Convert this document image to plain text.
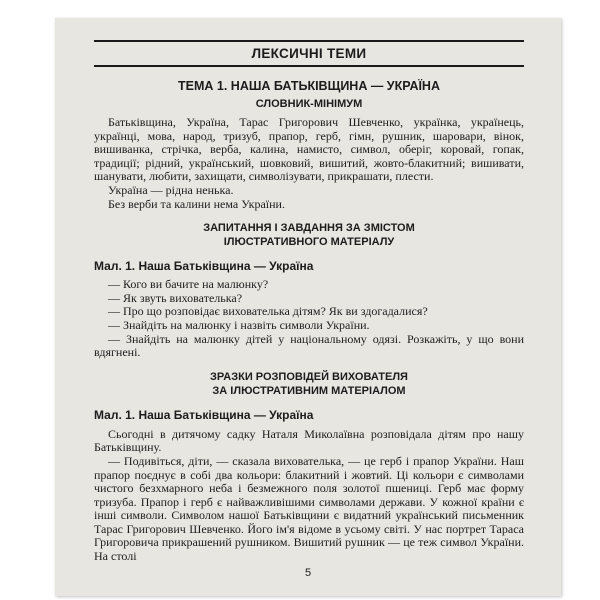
ЛЕКСИЧНІ ТЕМИ
ТЕМА 1. НАША БАТЬКІВЩИНА — УКРАЇНА
СЛОВНИК-МІНІМУМ

Батьківщина, Україна, Тарас Григорович Шевченко, українка, українець, українці, мова, народ, тризуб, прапор, герб, гімн, рушник, шаровари, вінок, вишиванка, стрічка, верба, калина, намисто, символ, оберіг, коровай, гопак, традиції; рідний, український, шовковий, вишитий, жовто-блакитний; вишивати, шанувати, любити, захищати, символізувати, прикрашати, плести.

Україна — рідна ненька.

Без верби та калини нема України.

ЗАПИТАННЯ І ЗАВДАННЯ ЗА ЗМІСТОМ
ІЛЮСТРАТИВНОГО МАТЕРІАЛУ
Мал. 1. Наша Батьківщина — Україна

— Кого ви бачите на малюнку?

— Як звуть вихователька?

— Про що розповідає вихователька дітям? Як ви здогадалися?

— Знайдіть на малюнку і назвіть символи України.

— Знайдіть на малюнку дітей у національному одязі. Розкажіть, у що вони вдягнені.

ЗРАЗКИ РОЗПОВІДЕЙ ВИХОВАТЕЛЯ
ЗА ІЛЮСТРАТИВНИМ МАТЕРІАЛОМ
Мал. 1. Наша Батьківщина — Україна

Сьогодні в дитячому садку Наталя Миколаївна розповідала дітям про нашу Батьківщину.

— Подивіться, діти, — сказала вихователька, — це герб і прапор України. Наш прапор поєднує в собі два кольори: блакитний і жовтий. Ці кольори є символами чистого безхмарного неба і безмежного поля золотої пшениці. Герб має форму тризуба. Прапор і герб є найважливішими символами держави. У кожної країни є інші символи. Символом нашої Батьківщини є видатний український письменник Тарас Григорович Шевченко. Його ім'я відоме в усьому світі. У нас портрет Тараса Григоровича прикрашений рушником. Вишитий рушник — це теж символ України. На столі

5
